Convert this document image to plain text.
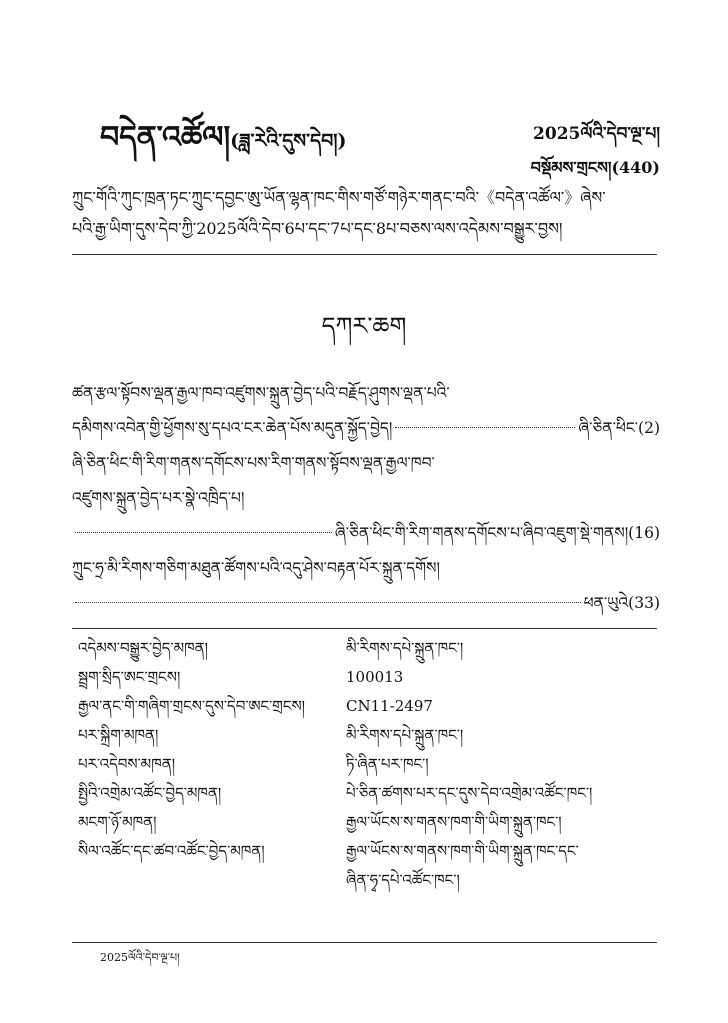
བདེན་འཚོལ།(ཟླ་རེའི་དུས་དེབ།)	2025ལོའི་དེབ་ལྔ་པ།
བསྡོམས་གྲངས།(440)

ཀྲུང་གོའི་ཀུང་ཁྲན་ཏང་ཀྲུང་དབྱང་ཨུ་ཡོན་ལྷན་ཁང་གིས་གཙོ་གཉེར་གནང་བའི་《བདེན་འཚོལ་》ཞེས་

པའི་རྒྱ་ཡིག་དུས་དེབ་ཀྱི་2025ལོའི་དེབ་6པ་དང་7པ་དང་8པ་བཅས་ལས་འདེམས་བསྒྱུར་བྱས།

དཀར་ཆག
ཚན་རྩལ་སྟོབས་ལྡན་རྒྱལ་ཁབ་འཛུགས་སྐྲུན་བྱེད་པའི་བརྗོད་ཤུགས་ལྡན་པའི་
དམིགས་འབེན་གྱི་ཕྱོགས་སུ་དཔའ་ངར་ཆེན་པོས་མདུན་སྐྱོད་བྱེད།	ཞི་ཅིན་ཕིང་(2)
ཞི་ཅིན་ཕིང་གི་རིག་གནས་དགོངས་པས་རིག་གནས་སྟོབས་ལྡན་རྒྱལ་ཁབ་
འཛུགས་སྐྲུན་བྱེད་པར་སྣེ་འཁྲིད་པ།
ཞི་ཅིན་ཕིང་གི་རིག་གནས་དགོངས་པ་ཞིབ་འཇུག་སྡེ་གནས།(16)
ཀྲུང་ཧྲ་མི་རིགས་གཅིག་མཐུན་ཚོགས་པའི་འདུ་ཤེས་བརྟན་པོར་སྐྲུན་དགོས།
ཕན་ཡུའེ(33)
འདེམས་བསྒྱུར་བྱེད་མཁན།	མི་རིགས་དཔེ་སྐྲུན་ཁང་།
སྦྲག་སྲིད་ཨང་གྲངས།	100013
རྒྱལ་ནང་གི་གཞིག་གྲངས་དུས་དེབ་ཨང་གྲངས།	CN11-2497
པར་སྐྲིག་མཁན།	མི་རིགས་དཔེ་སྐྲུན་ཁང་།
པར་འདེབས་མཁན།	ཏི་ཞིན་པར་ཁང་།
སྤྱིའི་འགྲེམ་འཚོང་བྱེད་མཁན།	པེ་ཅིན་ཚགས་པར་དང་དུས་དེབ་འགྲེམ་འཚོང་ཁང་།
མངག་ཉོ་མཁན།	རྒྱལ་ཡོངས་ས་གནས་ཁག་གི་ཡིག་སྐྲུན་ཁང་།
སིལ་འཚོང་དང་ཚབ་འཚོང་བྱེད་མཁན།	རྒྱལ་ཡོངས་ས་གནས་ཁག་གི་ཡིག་སྐྲུན་ཁང་དང་
ཞིན་ཧྭ་དཔེ་འཚོང་ཁང་།
2025ལོའི་དེབ་ལྔ་པ།
